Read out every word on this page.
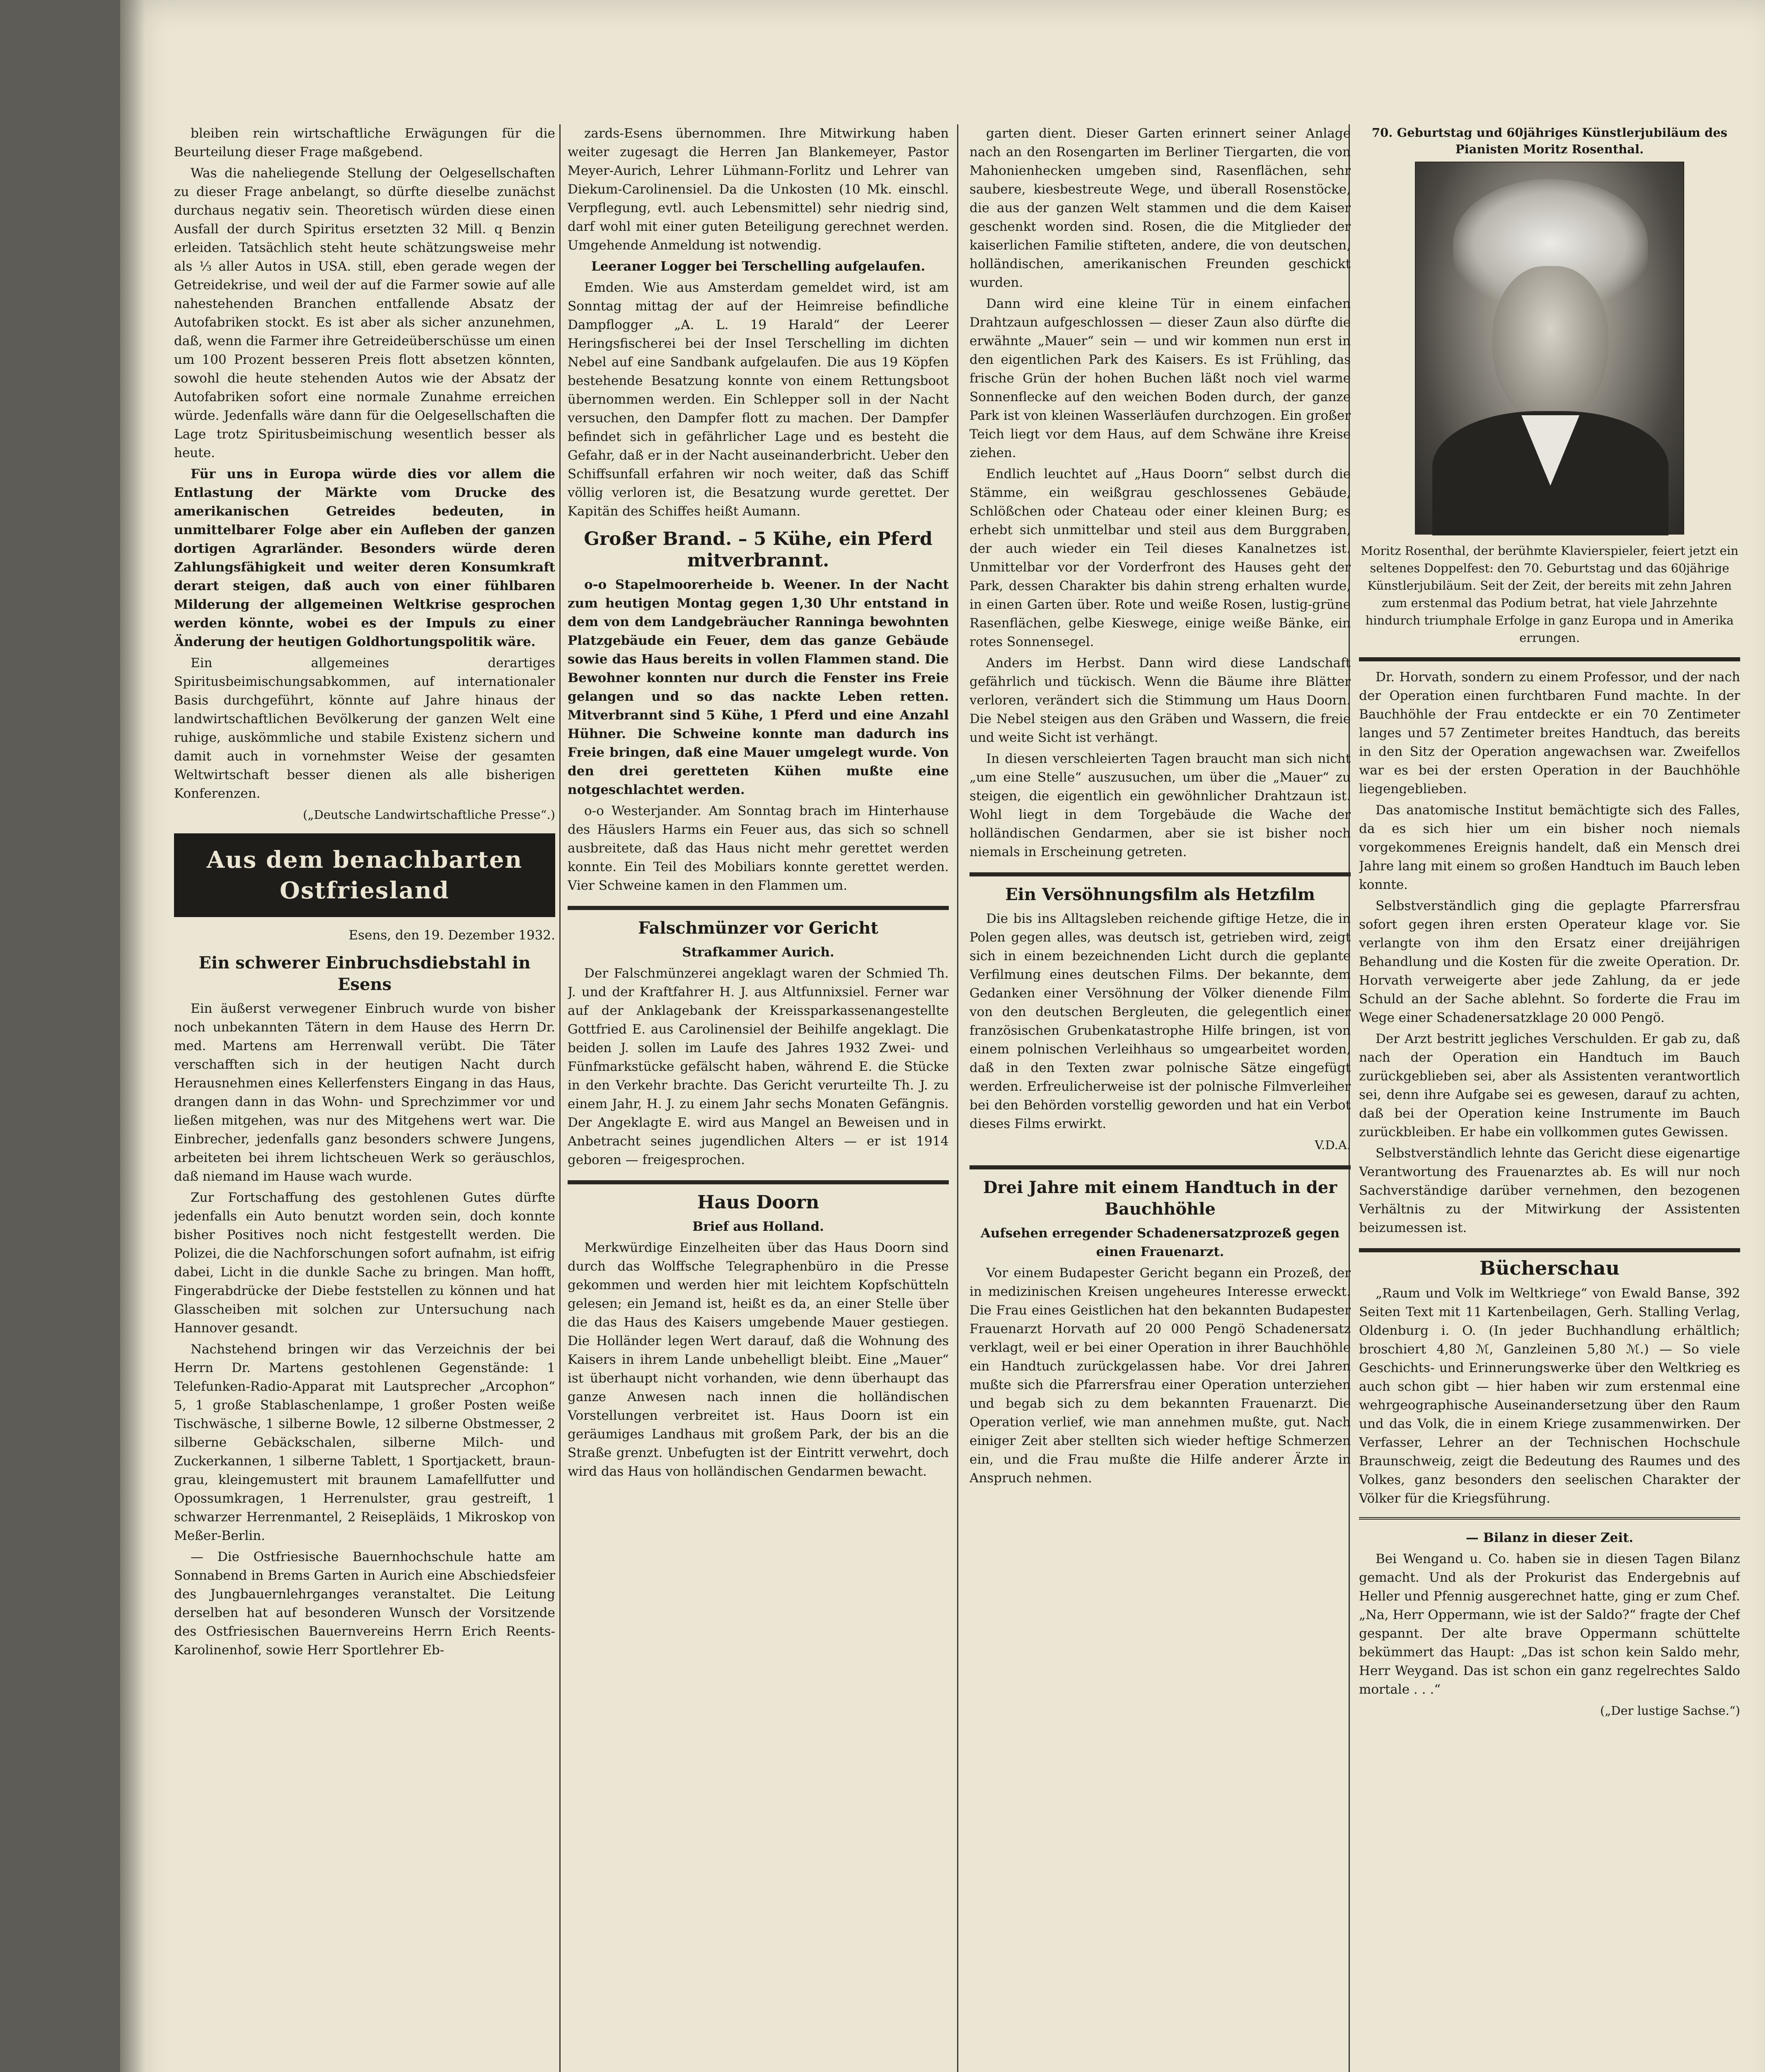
bleiben rein wirtschaftliche Erwägungen für die Beurteilung dieser Frage maßgebend.

Was die naheliegende Stellung der Oelgesellschaften zu dieser Frage anbelangt, so dürfte dieselbe zunächst durchaus negativ sein. Theoretisch würden diese einen Ausfall der durch Spiritus ersetzten 32 Mill. q Benzin erleiden. Tatsächlich steht heute schätzungsweise mehr als ⅓ aller Autos in USA. still, eben gerade wegen der Getreidekrise, und weil der auf die Farmer sowie auf alle nahestehenden Branchen entfallende Absatz der Autofabriken stockt. Es ist aber als sicher anzunehmen, daß, wenn die Farmer ihre Getreideüberschüsse um einen um 100 Prozent besseren Preis flott absetzen könnten, sowohl die heute stehenden Autos wie der Absatz der Autofabriken sofort eine normale Zunahme erreichen würde. Jedenfalls wäre dann für die Oelgesellschaften die Lage trotz Spiritusbeimischung wesentlich besser als heute.

Für uns in Europa würde dies vor allem die Entlastung der Märkte vom Drucke des amerikanischen Getreides bedeuten, in unmittelbarer Folge aber ein Aufleben der ganzen dortigen Agrarländer. Besonders würde deren Zahlungsfähigkeit und weiter deren Konsumkraft derart steigen, daß auch von einer fühlbaren Milderung der allgemeinen Weltkrise gesprochen werden könnte, wobei es der Impuls zu einer Änderung der heutigen Goldhortungspolitik wäre.

Ein allgemeines derartiges Spiritusbeimischungsabkommen, auf internationaler Basis durchgeführt, könnte auf Jahre hinaus der landwirtschaftlichen Bevölkerung der ganzen Welt eine ruhige, auskömmliche und stabile Existenz sichern und damit auch in vornehmster Weise der gesamten Weltwirtschaft besser dienen als alle bisherigen Konferenzen.

(„Deutsche Landwirtschaftliche Presse“.)

Aus dem benachbarten Ostfriesland

Esens, den 19. Dezember 1932.

Ein schwerer Einbruchsdiebstahl in Esens

Ein äußerst verwegener Einbruch wurde von bisher noch unbekannten Tätern in dem Hause des Herrn Dr. med. Martens am Herrenwall verübt. Die Täter verschafften sich in der heutigen Nacht durch Herausnehmen eines Kellerfensters Eingang in das Haus, drangen dann in das Wohn- und Sprechzimmer vor und ließen mitgehen, was nur des Mitgehens wert war. Die Einbrecher, jedenfalls ganz besonders schwere Jungens, arbeiteten bei ihrem lichtscheuen Werk so geräuschlos, daß niemand im Hause wach wurde.

Zur Fortschaffung des gestohlenen Gutes dürfte jedenfalls ein Auto benutzt worden sein, doch konnte bisher Positives noch nicht festgestellt werden. Die Polizei, die die Nachforschungen sofort aufnahm, ist eifrig dabei, Licht in die dunkle Sache zu bringen. Man hofft, Fingerabdrücke der Diebe feststellen zu können und hat Glasscheiben mit solchen zur Untersuchung nach Hannover gesandt.

Nachstehend bringen wir das Verzeichnis der bei Herrn Dr. Martens gestohlenen Gegenstände: 1 Telefunken-Radio-Apparat mit Lautsprecher „Arcophon“ 5, 1 große Stablaschenlampe, 1 großer Posten weiße Tischwäsche, 1 silberne Bowle, 12 silberne Obstmesser, 2 silberne Gebäckschalen, silberne Milch- und Zuckerkannen, 1 silberne Tablett, 1 Sportjackett, braun-grau, kleingemustert mit braunem Lamafellfutter und Opossumkragen, 1 Herrenulster, grau gestreift, 1 schwarzer Herrenmantel, 2 Reisepläids, 1 Mikroskop von Meßer-Berlin.

— Die Ostfriesische Bauernhochschule hatte am Sonnabend in Brems Garten in Aurich eine Abschiedsfeier des Jungbauernlehrganges veranstaltet. Die Leitung derselben hat auf besonderen Wunsch der Vorsitzende des Ostfriesischen Bauernvereins Herrn Erich Reents-Karolinenhof, sowie Herr Sportlehrer Eb-

zards-Esens übernommen. Ihre Mitwirkung haben weiter zugesagt die Herren Jan Blankemeyer, Pastor Meyer-Aurich, Lehrer Lühmann-Forlitz und Lehrer van Diekum-Carolinensiel. Da die Unkosten (10 Mk. einschl. Verpflegung, evtl. auch Lebensmittel) sehr niedrig sind, darf wohl mit einer guten Beteiligung gerechnet werden. Umgehende Anmeldung ist notwendig.

Leeraner Logger bei Terschelling aufgelaufen.

Emden. Wie aus Amsterdam gemeldet wird, ist am Sonntag mittag der auf der Heimreise befindliche Dampflogger „A. L. 19 Harald“ der Leerer Heringsfischerei bei der Insel Terschelling im dichten Nebel auf eine Sandbank aufgelaufen. Die aus 19 Köpfen bestehende Besatzung konnte von einem Rettungsboot übernommen werden. Ein Schlepper soll in der Nacht versuchen, den Dampfer flott zu machen. Der Dampfer befindet sich in gefährlicher Lage und es besteht die Gefahr, daß er in der Nacht auseinanderbricht. Ueber den Schiffsunfall erfahren wir noch weiter, daß das Schiff völlig verloren ist, die Besatzung wurde gerettet. Der Kapitän des Schiffes heißt Aumann.

Großer Brand. – 5 Kühe, ein Pferd mitverbrannt.

o-o Stapelmoorerheide b. Weener. In der Nacht zum heutigen Montag gegen 1,30 Uhr entstand in dem von dem Landgebräucher Ranninga bewohnten Platzgebäude ein Feuer, dem das ganze Gebäude sowie das Haus bereits in vollen Flammen stand. Die Bewohner konnten nur durch die Fenster ins Freie gelangen und so das nackte Leben retten. Mitverbrannt sind 5 Kühe, 1 Pferd und eine Anzahl Hühner. Die Schweine konnte man dadurch ins Freie bringen, daß eine Mauer umgelegt wurde. Von den drei geretteten Kühen mußte eine notgeschlachtet werden.

o-o Westerjander. Am Sonntag brach im Hinterhause des Häuslers Harms ein Feuer aus, das sich so schnell ausbreitete, daß das Haus nicht mehr gerettet werden konnte. Ein Teil des Mobiliars konnte gerettet werden. Vier Schweine kamen in den Flammen um.

Falschmünzer vor Gericht

Strafkammer Aurich.

Der Falschmünzerei angeklagt waren der Schmied Th. J. und der Kraftfahrer H. J. aus Altfunnixsiel. Ferner war auf der Anklagebank der Kreissparkassenangestellte Gottfried E. aus Carolinensiel der Beihilfe angeklagt. Die beiden J. sollen im Laufe des Jahres 1932 Zwei- und Fünfmarkstücke gefälscht haben, während E. die Stücke in den Verkehr brachte. Das Gericht verurteilte Th. J. zu einem Jahr, H. J. zu einem Jahr sechs Monaten Gefängnis. Der Angeklagte E. wird aus Mangel an Beweisen und in Anbetracht seines jugendlichen Alters — er ist 1914 geboren — freigesprochen.

Haus Doorn

Brief aus Holland.

Merkwürdige Einzelheiten über das Haus Doorn sind durch das Wolffsche Telegraphenbüro in die Presse gekommen und werden hier mit leichtem Kopfschütteln gelesen; ein Jemand ist, heißt es da, an einer Stelle über die das Haus des Kaisers umgebende Mauer gestiegen. Die Holländer legen Wert darauf, daß die Wohnung des Kaisers in ihrem Lande unbehelligt bleibt. Eine „Mauer“ ist überhaupt nicht vorhanden, wie denn überhaupt das ganze Anwesen nach innen die holländischen Vorstellungen verbreitet ist. Haus Doorn ist ein geräumiges Landhaus mit großem Park, der bis an die Straße grenzt. Unbefugten ist der Eintritt verwehrt, doch wird das Haus von holländischen Gendarmen bewacht.

garten dient. Dieser Garten erinnert seiner Anlage nach an den Rosengarten im Berliner Tiergarten, die von Mahonienhecken umgeben sind, Rasenflächen, sehr saubere, kiesbestreute Wege, und überall Rosenstöcke, die aus der ganzen Welt stammen und die dem Kaiser geschenkt worden sind. Rosen, die die Mitglieder der kaiserlichen Familie stifteten, andere, die von deutschen, holländischen, amerikanischen Freunden geschickt wurden.

Dann wird eine kleine Tür in einem einfachen Drahtzaun aufgeschlossen — dieser Zaun also dürfte die erwähnte „Mauer“ sein — und wir kommen nun erst in den eigentlichen Park des Kaisers. Es ist Frühling, das frische Grün der hohen Buchen läßt noch viel warme Sonnenflecke auf den weichen Boden durch, der ganze Park ist von kleinen Wasserläufen durchzogen. Ein großer Teich liegt vor dem Haus, auf dem Schwäne ihre Kreise ziehen.

Endlich leuchtet auf „Haus Doorn“ selbst durch die Stämme, ein weißgrau geschlossenes Gebäude, Schlößchen oder Chateau oder einer kleinen Burg; es erhebt sich unmittelbar und steil aus dem Burggraben, der auch wieder ein Teil dieses Kanalnetzes ist. Unmittelbar vor der Vorderfront des Hauses geht der Park, dessen Charakter bis dahin streng erhalten wurde, in einen Garten über. Rote und weiße Rosen, lustig-grüne Rasenflächen, gelbe Kieswege, einige weiße Bänke, ein rotes Sonnensegel.

Anders im Herbst. Dann wird diese Landschaft gefährlich und tückisch. Wenn die Bäume ihre Blätter verloren, verändert sich die Stimmung um Haus Doorn. Die Nebel steigen aus den Gräben und Wassern, die freie und weite Sicht ist verhängt.

In diesen verschleierten Tagen braucht man sich nicht „um eine Stelle“ auszusuchen, um über die „Mauer“ zu steigen, die eigentlich ein gewöhnlicher Drahtzaun ist. Wohl liegt in dem Torgebäude die Wache der holländischen Gendarmen, aber sie ist bisher noch niemals in Erscheinung getreten.

Ein Versöhnungsfilm als Hetzfilm

Die bis ins Alltagsleben reichende giftige Hetze, die in Polen gegen alles, was deutsch ist, getrieben wird, zeigt sich in einem bezeichnenden Licht durch die geplante Verfilmung eines deutschen Films. Der bekannte, dem Gedanken einer Versöhnung der Völker dienende Film von den deutschen Bergleuten, die gelegentlich einer französischen Grubenkatastrophe Hilfe bringen, ist von einem polnischen Verleihhaus so umgearbeitet worden, daß in den Texten zwar polnische Sätze eingefügt werden. Erfreulicherweise ist der polnische Filmverleiher bei den Behörden vorstellig geworden und hat ein Verbot dieses Films erwirkt.

V.D.A.

Drei Jahre mit einem Handtuch in der Bauchhöhle

Aufsehen erregender Schadenersatzprozeß gegen einen Frauenarzt.

Vor einem Budapester Gericht begann ein Prozeß, der in medizinischen Kreisen ungeheures Interesse erweckt. Die Frau eines Geistlichen hat den bekannten Budapester Frauenarzt Horvath auf 20 000 Pengö Schadenersatz verklagt, weil er bei einer Operation in ihrer Bauchhöhle ein Handtuch zurückgelassen habe. Vor drei Jahren mußte sich die Pfarrersfrau einer Operation unterziehen und begab sich zu dem bekannten Frauenarzt. Die Operation verlief, wie man annehmen mußte, gut. Nach einiger Zeit aber stellten sich wieder heftige Schmerzen ein, und die Frau mußte die Hilfe anderer Ärzte in Anspruch nehmen.

70. Geburtstag und 60jähriges Künstlerjubiläum des Pianisten Moritz Rosenthal.

Moritz Rosenthal, der berühmte Klavierspieler, feiert jetzt ein seltenes Doppelfest: den 70. Geburtstag und das 60jährige Künstlerjubiläum. Seit der Zeit, der bereits mit zehn Jahren zum erstenmal das Podium betrat, hat viele Jahrzehnte hindurch triumphale Erfolge in ganz Europa und in Amerika errungen.

Dr. Horvath, sondern zu einem Professor, und der nach der Operation einen furchtbaren Fund machte. In der Bauchhöhle der Frau entdeckte er ein 70 Zentimeter langes und 57 Zentimeter breites Handtuch, das bereits in den Sitz der Operation angewachsen war. Zweifellos war es bei der ersten Operation in der Bauchhöhle liegengeblieben.

Das anatomische Institut bemächtigte sich des Falles, da es sich hier um ein bisher noch niemals vorgekommenes Ereignis handelt, daß ein Mensch drei Jahre lang mit einem so großen Handtuch im Bauch leben konnte.

Selbstverständlich ging die geplagte Pfarrersfrau sofort gegen ihren ersten Operateur klage vor. Sie verlangte von ihm den Ersatz einer dreijährigen Behandlung und die Kosten für die zweite Operation. Dr. Horvath verweigerte aber jede Zahlung, da er jede Schuld an der Sache ablehnt. So forderte die Frau im Wege einer Schadenersatzklage 20 000 Pengö.

Der Arzt bestritt jegliches Verschulden. Er gab zu, daß nach der Operation ein Handtuch im Bauch zurückgeblieben sei, aber als Assistenten verantwortlich sei, denn ihre Aufgabe sei es gewesen, darauf zu achten, daß bei der Operation keine Instrumente im Bauch zurückbleiben. Er habe ein vollkommen gutes Gewissen.

Selbstverständlich lehnte das Gericht diese eigenartige Verantwortung des Frauenarztes ab. Es will nur noch Sachverständige darüber vernehmen, den bezogenen Verhältnis zu der Mitwirkung der Assistenten beizumessen ist.

Bücherschau

„Raum und Volk im Weltkriege“ von Ewald Banse, 392 Seiten Text mit 11 Kartenbeilagen, Gerh. Stalling Verlag, Oldenburg i. O. (In jeder Buchhandlung erhältlich; broschiert 4,80 ℳ, Ganzleinen 5,80 ℳ.) — So viele Geschichts- und Erinnerungswerke über den Weltkrieg es auch schon gibt — hier haben wir zum erstenmal eine wehrgeographische Auseinandersetzung über den Raum und das Volk, die in einem Kriege zusammenwirken. Der Verfasser, Lehrer an der Technischen Hochschule Braunschweig, zeigt die Bedeutung des Raumes und des Volkes, ganz besonders den seelischen Charakter der Völker für die Kriegsführung.

— Bilanz in dieser Zeit.

Bei Wengand u. Co. haben sie in diesen Tagen Bilanz gemacht. Und als der Prokurist das Endergebnis auf Heller und Pfennig ausgerechnet hatte, ging er zum Chef. „Na, Herr Oppermann, wie ist der Saldo?“ fragte der Chef gespannt. Der alte brave Oppermann schüttelte bekümmert das Haupt: „Das ist schon kein Saldo mehr, Herr Weygand. Das ist schon ein ganz regelrechtes Saldo mortale . . .“

(„Der lustige Sachse.“)
